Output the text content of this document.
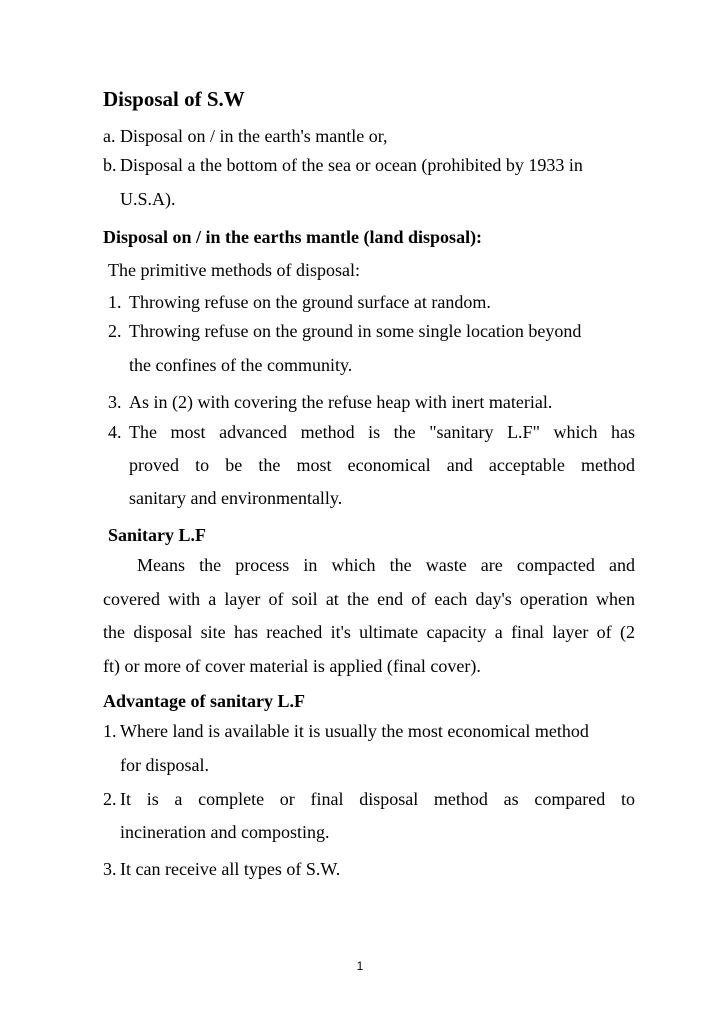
Disposal of S.W
a. Disposal on / in the earth's mantle or,
b. Disposal a the bottom of the sea or ocean (prohibited by 1933 in
U.S.A).
Disposal on / in the earths mantle (land disposal):
The primitive methods of disposal:
1. Throwing refuse on the ground surface at random.
2. Throwing refuse on the ground in some single location beyond
the confines of the community.
3. As in (2) with covering the refuse heap with inert material.
4. The most advanced method is the "sanitary L.F" which has
proved to be the most economical and acceptable method
sanitary and environmentally.
Sanitary L.F
Means the process in which the waste are compacted and
covered with a layer of soil at the end of each day's operation when
the disposal site has reached it's ultimate capacity a final layer of (2
ft) or more of cover material is applied (final cover).
Advantage of sanitary L.F
1. Where land is available it is usually the most economical method
for disposal.
2. It is a complete or final disposal method as compared to
incineration and composting.
3. It can receive all types of S.W.
1
